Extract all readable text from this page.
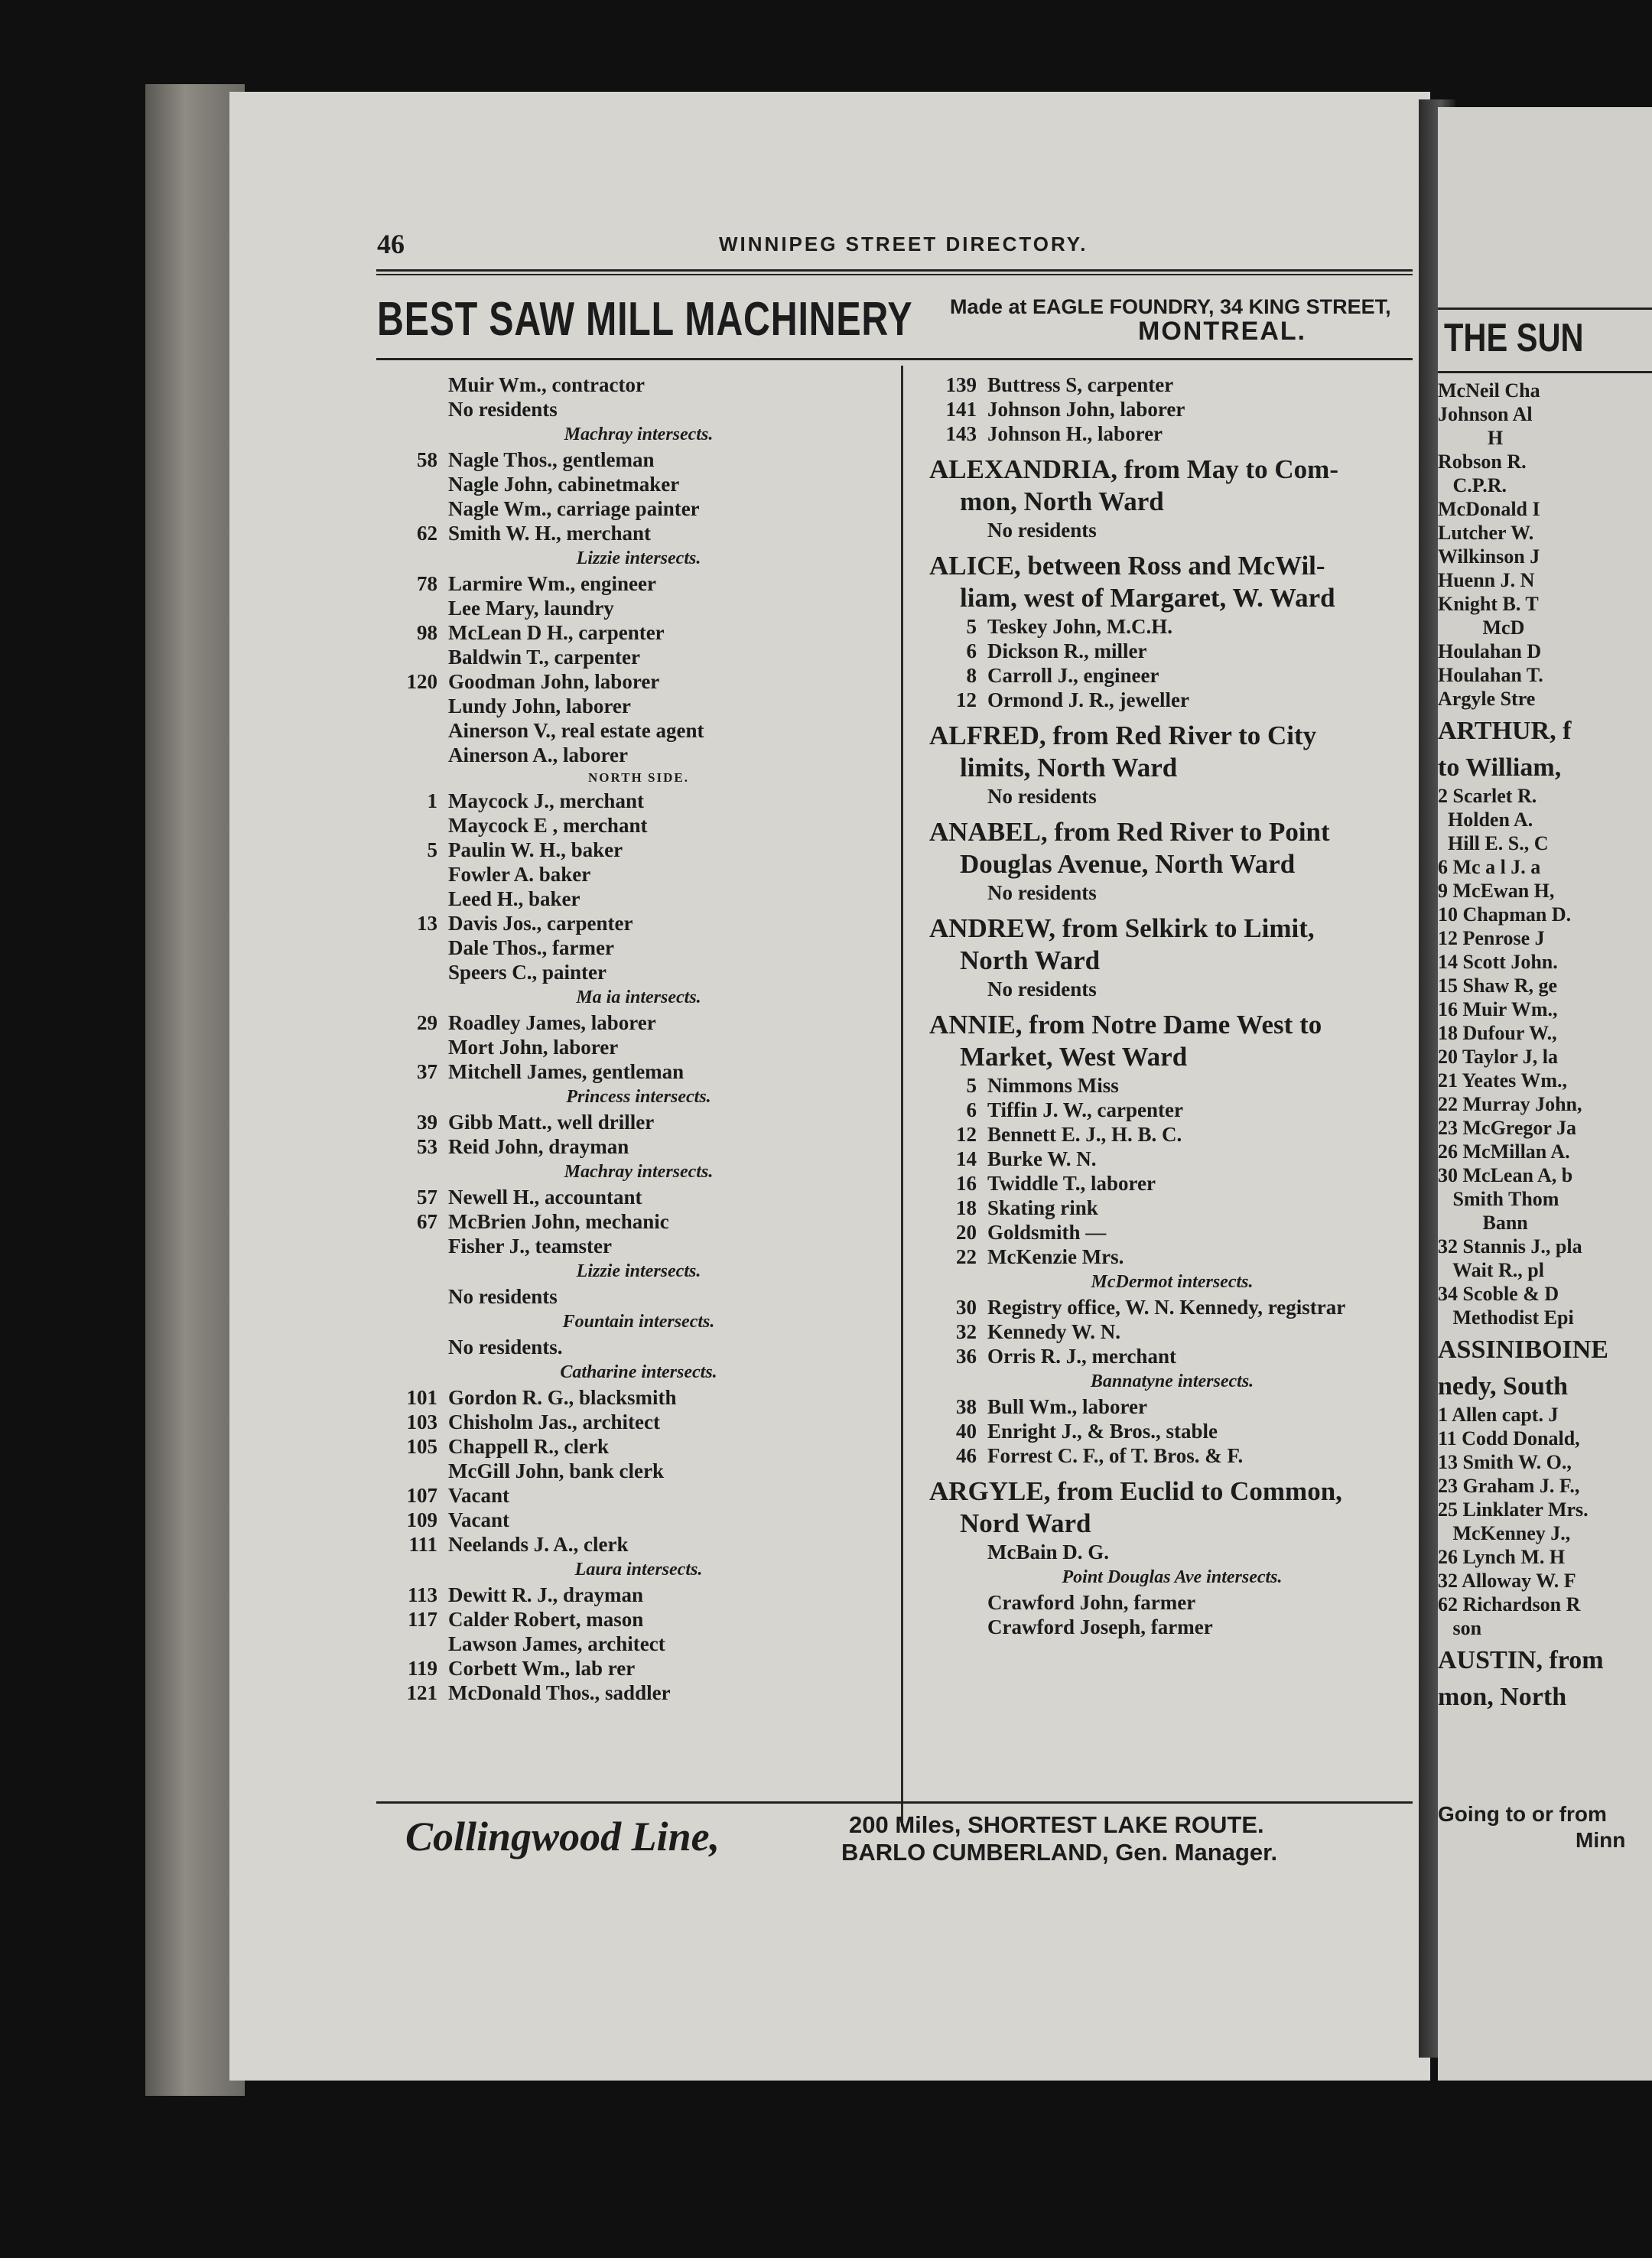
46	WINNIPEG STREET DIRECTORY.
BEST SAW MILL MACHINERY Made at EAGLE FOUNDRY, 34 KING STREET,
MONTREAL.
Muir Wm., contractor
No residents
Machray intersects.
58 Nagle Thos., gentleman
Nagle John, cabinetmaker
Nagle Wm., carriage painter
62 Smith W. H., merchant
Lizzie intersects.
78 Larmire Wm., engineer
Lee Mary, laundry
98 McLean D H., carpenter
Baldwin T., carpenter
120 Goodman John, laborer
Lundy John, laborer
Ainerson V., real estate agent
Ainerson A., laborer
NORTH SIDE.
1 Maycock J., merchant
Maycock E , merchant
5 Paulin W. H., baker
Fowler A. baker
Leed H., baker
13 Davis Jos., carpenter
Dale Thos., farmer
Speers C., painter
Ma ia intersects.
29 Roadley James, laborer
Mort John, laborer
37 Mitchell James, gentleman
Princess intersects.
39 Gibb Matt., well driller
53 Reid John, drayman
Machray intersects.
57 Newell H., accountant
67 McBrien John, mechanic
Fisher J., teamster
Lizzie intersects.
No residents
Fountain intersects.
No residents.
Catharine intersects.
101 Gordon R. G., blacksmith
103 Chisholm Jas., architect
105 Chappell R., clerk
McGill John, bank clerk
107 Vacant
109 Vacant
111 Neelands J. A., clerk
Laura intersects.
113 Dewitt R. J., drayman
117 Calder Robert, mason
Lawson James, architect
119 Corbett Wm., lab rer
121 McDonald Thos., saddler
139 Buttress S, carpenter
141 Johnson John, laborer
143 Johnson H., laborer
ALEXANDRIA, from May to Com-
mon, North Ward
No residents
ALICE, between Ross and McWil-
liam, west of Margaret, W. Ward
5 Teskey John, M.C.H.
6 Dickson R., miller
8 Carroll J., engineer
12 Ormond J. R., jeweller
ALFRED, from Red River to City
limits, North Ward
No residents
ANABEL, from Red River to Point
Douglas Avenue, North Ward
No residents
ANDREW, from Selkirk to Limit,
North Ward
No residents
ANNIE, from Notre Dame West to
Market, West Ward
5 Nimmons Miss
6 Tiffin J. W., carpenter
12 Bennett E. J., H. B. C.
14 Burke W. N.
16 Twiddle T., laborer
18 Skating rink
20 Goldsmith —
22 McKenzie Mrs.
McDermot intersects.
30 Registry office, W. N. Kennedy, registrar
32 Kennedy W. N.
36 Orris R. J., merchant
Bannatyne intersects.
38 Bull Wm., laborer
40 Enright J., & Bros., stable
46 Forrest C. F., of T. Bros. & F.
ARGYLE, from Euclid to Common,
Nord Ward
McBain D. G.
Point Douglas Ave intersects.
Crawford John, farmer
Crawford Joseph, farmer
Collingwood Line,	200 Miles, SHORTEST LAKE ROUTE.
BARLO CUMBERLAND, Gen. Manager.
THE SUN
McNeil Cha
Johnson Al
H
Robson R.
C.P.R.
McDonald I
Lutcher W.
Wilkinson J
Huenn J. N
Knight B. T
McD
Houlahan D
Houlahan T.
Argyle Stre
ARTHUR, f
to William,
2 Scarlet R.
Holden A.
Hill E. S., C
6 Mc a l J. a
9 McEwan H,
10 Chapman D.
12 Penrose J
14 Scott John.
15 Shaw R, ge
16 Muir Wm.,
18 Dufour W.,
20 Taylor J, la
21 Yeates Wm.,
22 Murray John,
23 McGregor Ja
26 McMillan A.
30 McLean A, b
Smith Thom
Bann
32 Stannis J., pla
Wait R., pl
34 Scoble & D
Methodist Epi
ASSINIBOINE
nedy, South
1 Allen capt. J
11 Codd Donald,
13 Smith W. O.,
23 Graham J. F.,
25 Linklater Mrs.
McKenney J.,
26 Lynch M. H
32 Alloway W. F
62 Richardson R
son
AUSTIN, from
mon, North
Going to or from
Minn
